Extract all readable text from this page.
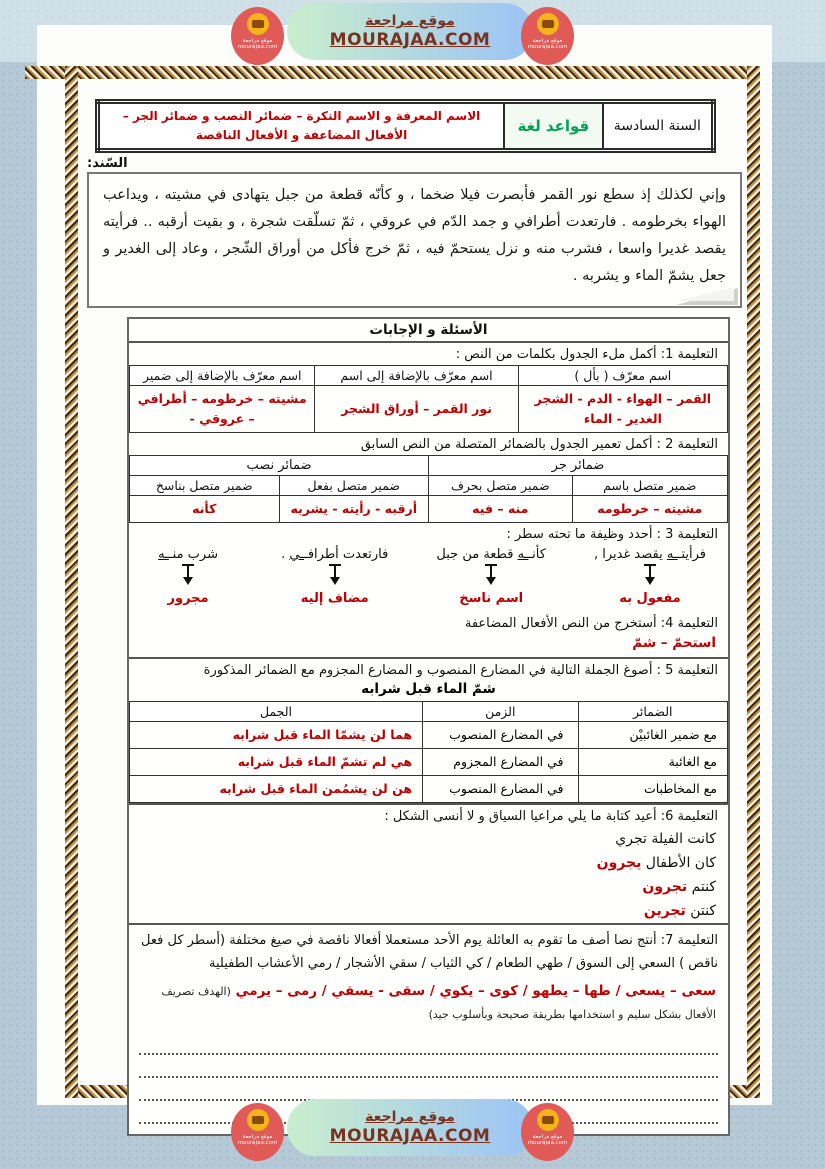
موقع مراجعة
MOURAJAA.COM
موقع مراجعة
mourajaa.com
موقع مراجعة
mourajaa.com
السنة السادسة	قواعد لغة	الاسم المعرفة و الاسم النكرة – ضمائر النصب و ضمائر الجر – الأفعال المضاعفة و الأفعال الناقصة
السّند:

وإني لكذلك إذ سطع نور القمر فأبصرت فيلا ضخما ، و كأنّه قطعة من جبل يتهادى في مشيته ، ويداعب الهواء بخرطومه . فارتعدت أطرافي و جمد الدّم في عروقي ، ثمّ تسلّقت شجرة ، و بقيت أرقبه .. فرأيته يقصد غديرا واسعا ، فشرب منه و نزل يستحمّ فيه ، ثمّ خرج فأكل من أوراق الشّجر ، وعاد إلى الغدير و جعل يشمّ الماء و يشربه .

الأسئلة و الإجابات
التعليمة 1: أكمل ملء الجدول بكلمات من النص :
اسم معرّف ( بأل )	اسم معرّف بالإضافة إلى اسم	اسم معرّف بالإضافة إلى ضمير
القمر – الهواء - الدم - الشجر الغدير - الماء	نور القمر – أوراق الشجر	مشيته – خرطومه – أطرافي – عروقي -
التعليمة 2 : أكمل تعمير الجدول بالضمائر المتصلة من النص السابق
ضمائر جر		ضمائر نصب	
ضمير متصل باسم	ضمير متصل بحرف	ضمير متصل بفعل	ضمير متصل بناسخ
مشيته – خرطومه	منه – فيه	أرقبه - رأيته - يشربه	كأنه
التعليمة 3 : أحدد وظيفة ما تحته سطر :
فرأيتــه يقصد غديرا ,
مفعول به
كأنــه قطعة من جبل
اسم ناسخ
فارتعدت أطرافــي .
مضاف إليه
شرب منــه
مجرور
التعليمة 4: أستخرج من النص الأفعال المضاعفة
استحمّ – شمّ
التعليمة 5 : أصوغ الجملة التالية في المضارع المنصوب و المضارع المجزوم مع الضمائر المذكورة
شمّ الماء قبل شرابه
الضمائر	الزمن	الجمل
مع ضمير الغائبيْن	في المضارع المنصوب	هما لن يشمّا الماء قبل شرابه
مع الغائبة	في المضارع المجزوم	هي لم تشمّ الماء قبل شرابه
مع المخاطبات	في المضارع المنصوب	هن لن يشمُمن الماء قبل شرابه
التعليمة 6: أعيد كتابة ما يلي مراعيا السياق و لا أنسى الشكل :
كانت الفيلة تجري
كان الأطفال يجرون
كنتم تجرون
كنتن تجرين
التعليمة 7: أنتج نصا أصف ما تقوم به العائلة يوم الأحد مستعملا أفعالا ناقصة في صيغ مختلفة (أسطر كل فعل ناقص ) السعي إلى السوق / طهي الطعام / كي الثياب / سقي الأشجار / رمي الأعشاب الطفيلية
سعى – يسعى / طها – يطهو / كوى – يكوي / سقى - يسقي / رمى – يرمي (الهدف تصريف الأفعال بشكل سليم و استخدامها بطريقة صحيحة وبأسلوب جيد)
موقع مراجعة
MOURAJAA.COM
موقع مراجعة
mourajaa.com
موقع مراجعة
mourajaa.com
